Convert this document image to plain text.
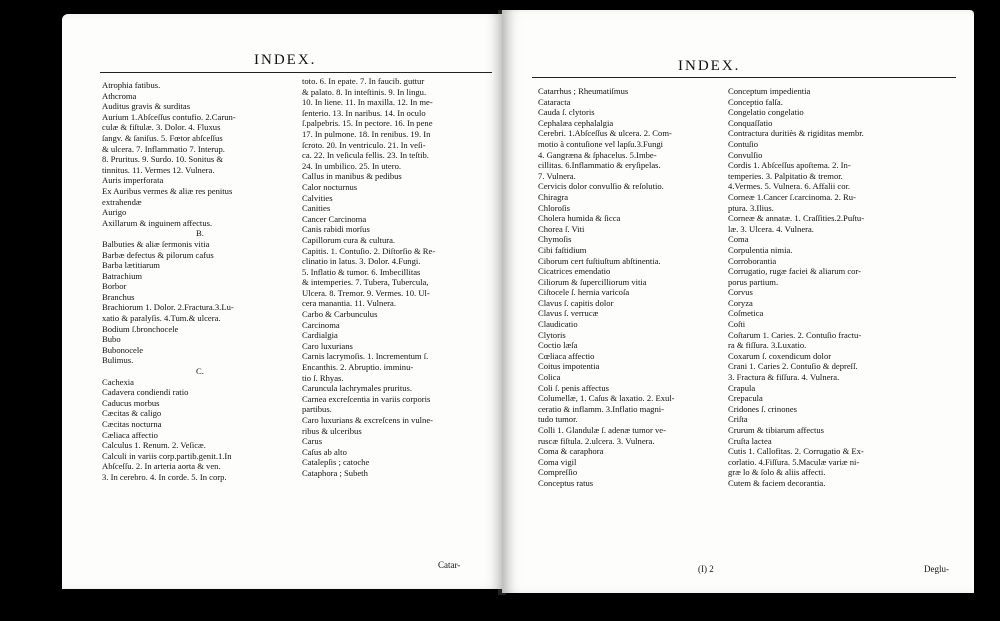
INDEX.
Atrophia fatibus.
Athcroma
Auditus gravis & surditas
Aurium 1.Abſceſſus contufio. 2.Carun-
culæ & fiſtulæ. 3. Dolor. 4. Fluxus
ſangv. & ſaniſus. 5. Fœtor abſceſſus
& ulcera. 7. Inflammatio 7. Interup.
8. Pruritus. 9. Surdo. 10. Sonitus &
tinnitus. 11. Vermes 12. Vulnera.
Auris imperforata
Ex Auribus vermes & aliæ res penitus
extrahendæ
Aurigo
Axillarum & inguinem affectus.
B.
Balbuties & aliæ ſermonis vitia
Barbæ defectus & pilorum cafus
Barba lætitiarum
Batrachium
Borbor
Branchus
Brachiorum 1. Dolor. 2.Fractura.3.Lu-
xatio & paralyſis. 4.Tum.& ulcera.
Bodium ſ.bronchocele
Bubo
Bubonocele
Bulimus.
C.
Cachexia
Cadavera condiendi ratio
Caducus morbus
Cæcitas & caligo
Cæcitas nocturna
Cæliaca affectio
Calculus 1. Renum. 2. Veſicæ.
Calculi in variis corp.partib.genit.1.In
Abſceſſu. 2. In arteria aorta & ven.
3. In cerebro. 4. In corde. 5. In corp.
toto. 6. In epate. 7. In faucib. guttur
& palato. 8. In inteſtinis. 9. In lingu.
10. In liene. 11. In maxilla. 12. In me-
ſenterio. 13. In naribus. 14. In oculo
ſ.palpebris. 15. In pectore. 16. In pene
17. In pulmone. 18. In renibus. 19. In
ſcroto. 20. In ventriculo. 21. In veſi-
ca. 22. In veſicula fellis. 23. In teſtib.
24. In umbilico. 25. In utero.
Callus in manibus & pedibus
Calor nocturnus
Calvities
Canities
Cancer Carcinoma
Canis rabidi morſus
Capillorum cura & cultura.
Capitis. 1. Contuſio. 2. Diſtorſio & Re-
clinatio in latus. 3. Dolor. 4.Fungi.
5. Inflatio & tumor. 6. Imbecillitas
& intemperies. 7. Tubera, Tubercula,
Ulcera. 8. Tremor. 9. Vermes. 10. Ul-
cera manantia. 11. Vulnera.
Carbo & Carbunculus
Carcinoma
Cardialgia
Caro luxurians
Carnis lacrymoſis. 1. Incrementum ſ.
Encanthis. 2. Abruptio. imminu-
tio ſ. Rhyas.
Caruncula lachrymales pruritus.
Carnea excreſcentia in variis corporis
partibus.
Caro luxurians & excreſcens in vulne-
ribus & ulceribus
Carus
Caſus ab alto
Catalepſis ; catoche
Cataphora ; Subeth
Catar-
INDEX.
Catarrhus ; Rheumatiſmus
Cataracta
Cauda ſ. clytoris
Cephalæa cephalalgia
Cerebri. 1.Abſceſſus & ulcera. 2. Com-
motio à contuſione vel lapſu.3.Fungi
4. Gangræna & ſphacelus. 5.Imbe-
cillitas. 6.Inflammatio & eryſipelas.
7. Vulnera.
Cervicis dolor convulſio & reſolutio.
Chiragra
Chloroſis
Cholera humida & ſicca
Chorea ſ. Viti
Chymoſis
Cibi faſtidium
Ciborum cert fuſtiuſtum abſtinentia.
Cicatrices emendatio
Ciliorum & ſupercilliorum vitia
Ciſtocele ſ. hernia varicoſa
Clavus ſ. capitis dolor
Clavus ſ. verrucæ
Claudicatio
Clytoris
Coctio læſa
Cœliaca affectio
Coitus impotentia
Colica
Coli ſ. penis affectus
Columellæ, 1. Caſus & laxatio. 2. Exul-
ceratio & inflamm. 3.Inflatio magni-
tudo tumor.
Colli 1. Glandulæ ſ. adenæ tumor ve-
ruscæ fiſtula. 2.ulcera. 3. Vulnera.
Coma & caraphora
Coma vigil
Compreſſio
Conceptus ratus
Conceptum impedientia
Conceptio falſa.
Congelatio congelatio
Conquaſſatio
Contractura duritiès & rigiditas membr.
Contuſio
Convulſio
Cordis 1. Abſceſſus apoſtema. 2. In-
temperies. 3. Palpitatio & tremor.
4.Vermes. 5. Vulnera. 6. Affalii cor.
Corneæ 1.Cancer ſ.carcinoma. 2. Ru-
ptura. 3.Ilius.
Corneæ & annatæ. 1. Craſſities.2.Puſtu-
læ. 3. Ulcera. 4. Vulnera.
Coma
Corpulentia nimia.
Corroborantia
Corrugatio, rugæ faciei & aliarum cor-
porus partium.
Corvus
Coryza
Coſmetica
Coſti
Coſtarum 1. Caries. 2. Contuſio fractu-
ra & fiſſura. 3.Luxatio.
Coxarum ſ. coxendicum dolor
Crani 1. Caries 2. Contuſio & depreſſ.
3. Fractura & fiſſura. 4. Vulnera.
Crapula
Crepacula
Cridones ſ. crinones
Criſta
Crurum & tibiarum affectus
Cruſta lactea
Cutis 1. Callofitas. 2. Corrugatio & Ex-
corlatio. 4.Fiſſura. 5.Maculæ variæ ni-
græ lo & ſolo & aliis affecti.
Cutem & faciem decorantia.
(I) 2	Deglu-
